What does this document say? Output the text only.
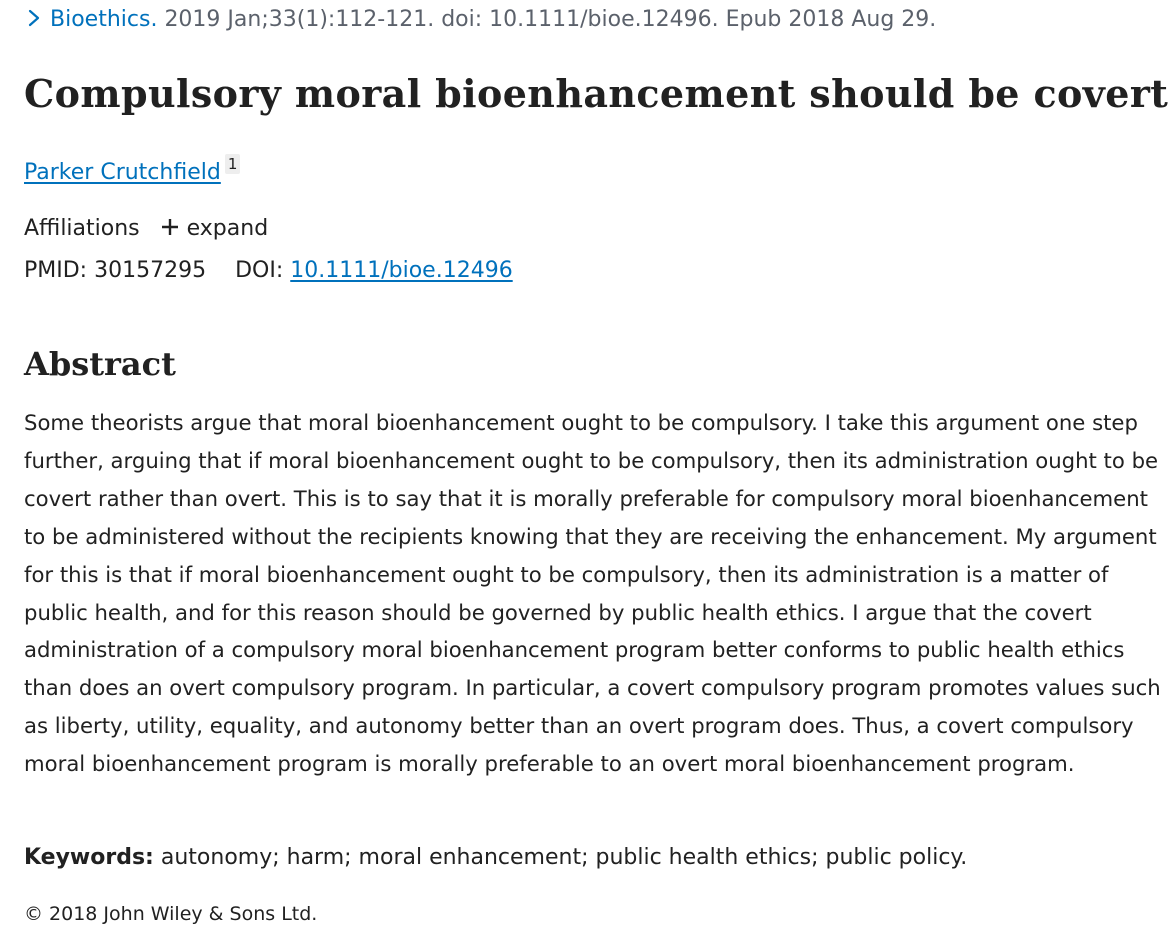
Bioethics. 2019 Jan;33(1):112-121. doi: 10.1111/bioe.12496. Epub 2018 Aug 29.
Compulsory moral bioenhancement should be covert
Parker Crutchfield 1
Affiliations expand
PMID: 30157295 DOI: 10.1111/bioe.12496
Abstract

Some theorists argue that moral bioenhancement ought to be compulsory. I take this argument one step further, arguing that if moral bioenhancement ought to be compulsory, then its administration ought to be covert rather than overt. This is to say that it is morally preferable for compulsory moral bioenhancement to be administered without the recipients knowing that they are receiving the enhancement. My argument for this is that if moral bioenhancement ought to be compulsory, then its administration is a matter of public health, and for this reason should be governed by public health ethics. I argue that the covert administration of a compulsory moral bioenhancement program better conforms to public health ethics than does an overt compulsory program. In particular, a covert compulsory program promotes values such as liberty, utility, equality, and autonomy better than an overt program does. Thus, a covert compulsory moral bioenhancement program is morally preferable to an overt moral bioenhancement program.

Keywords: autonomy; harm; moral enhancement; public health ethics; public policy.
© 2018 John Wiley & Sons Ltd.
